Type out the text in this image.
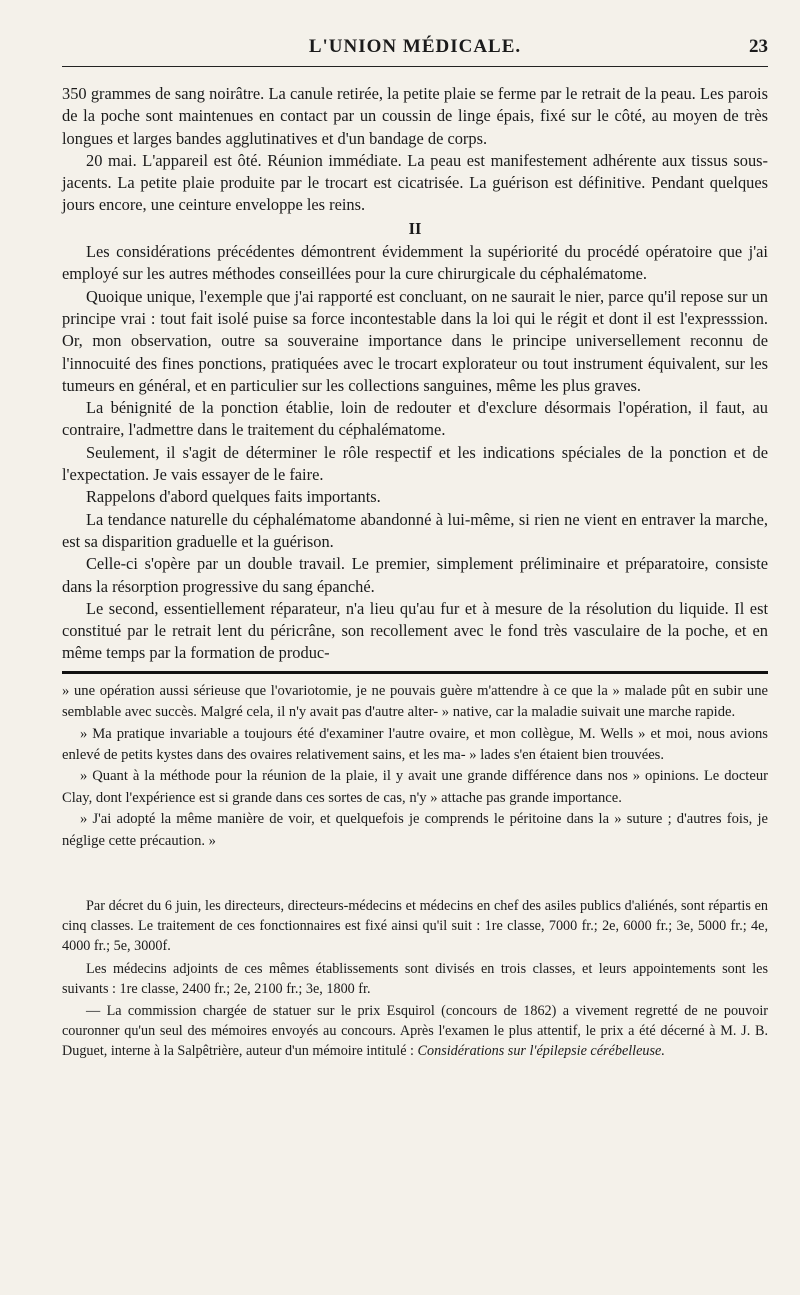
L'UNION MÉDICALE.	23

350 grammes de sang noirâtre. La canule retirée, la petite plaie se ferme par le retrait de la peau. Les parois de la poche sont maintenues en contact par un coussin de linge épais, fixé sur le côté, au moyen de très longues et larges bandes agglutinatives et d'un bandage de corps.

20 mai. L'appareil est ôté. Réunion immédiate. La peau est manifestement adhérente aux tissus sous-jacents. La petite plaie produite par le trocart est cicatrisée. La guérison est définitive. Pendant quelques jours encore, une ceinture enveloppe les reins.

II

Les considérations précédentes démontrent évidemment la supériorité du procédé opératoire que j'ai employé sur les autres méthodes conseillées pour la cure chirurgicale du céphalématome.

Quoique unique, l'exemple que j'ai rapporté est concluant, on ne saurait le nier, parce qu'il repose sur un principe vrai : tout fait isolé puise sa force incontestable dans la loi qui le régit et dont il est l'expresssion. Or, mon observation, outre sa souveraine importance dans le principe universellement reconnu de l'innocuité des fines ponctions, pratiquées avec le trocart explorateur ou tout instrument équivalent, sur les tumeurs en général, et en particulier sur les collections sanguines, même les plus graves.

La bénignité de la ponction établie, loin de redouter et d'exclure désormais l'opération, il faut, au contraire, l'admettre dans le traitement du céphalématome.

Seulement, il s'agit de déterminer le rôle respectif et les indications spéciales de la ponction et de l'expectation. Je vais essayer de le faire.

Rappelons d'abord quelques faits importants.

La tendance naturelle du céphalématome abandonné à lui-même, si rien ne vient en entraver la marche, est sa disparition graduelle et la guérison.

Celle-ci s'opère par un double travail. Le premier, simplement préliminaire et préparatoire, consiste dans la résorption progressive du sang épanché.

Le second, essentiellement réparateur, n'a lieu qu'au fur et à mesure de la résolution du liquide. Il est constitué par le retrait lent du péricrâne, son recollement avec le fond très vasculaire de la poche, et en même temps par la formation de produc-

» une opération aussi sérieuse que l'ovariotomie, je ne pouvais guère m'attendre à ce que la » malade pût en subir une semblable avec succès. Malgré cela, il n'y avait pas d'autre alter- » native, car la maladie suivait une marche rapide.

» Ma pratique invariable a toujours été d'examiner l'autre ovaire, et mon collègue, M. Wells » et moi, nous avions enlevé de petits kystes dans des ovaires relativement sains, et les ma- » lades s'en étaient bien trouvées.

» Quant à la méthode pour la réunion de la plaie, il y avait une grande différence dans nos » opinions. Le docteur Clay, dont l'expérience est si grande dans ces sortes de cas, n'y » attache pas grande importance.

» J'ai adopté la même manière de voir, et quelquefois je comprends le péritoine dans la » suture ; d'autres fois, je néglige cette précaution. »

Par décret du 6 juin, les directeurs, directeurs-médecins et médecins en chef des asiles publics d'aliénés, sont répartis en cinq classes. Le traitement de ces fonctionnaires est fixé ainsi qu'il suit : 1re classe, 7000 fr.; 2e, 6000 fr.; 3e, 5000 fr.; 4e, 4000 fr.; 5e, 3000f.

Les médecins adjoints de ces mêmes établissements sont divisés en trois classes, et leurs appointements sont les suivants : 1re classe, 2400 fr.; 2e, 2100 fr.; 3e, 1800 fr.

— La commission chargée de statuer sur le prix Esquirol (concours de 1862) a vivement regretté de ne pouvoir couronner qu'un seul des mémoires envoyés au concours. Après l'examen le plus attentif, le prix a été décerné à M. J. B. Duguet, interne à la Salpêtrière, auteur d'un mémoire intitulé : Considérations sur l'épilepsie cérébelleuse.
